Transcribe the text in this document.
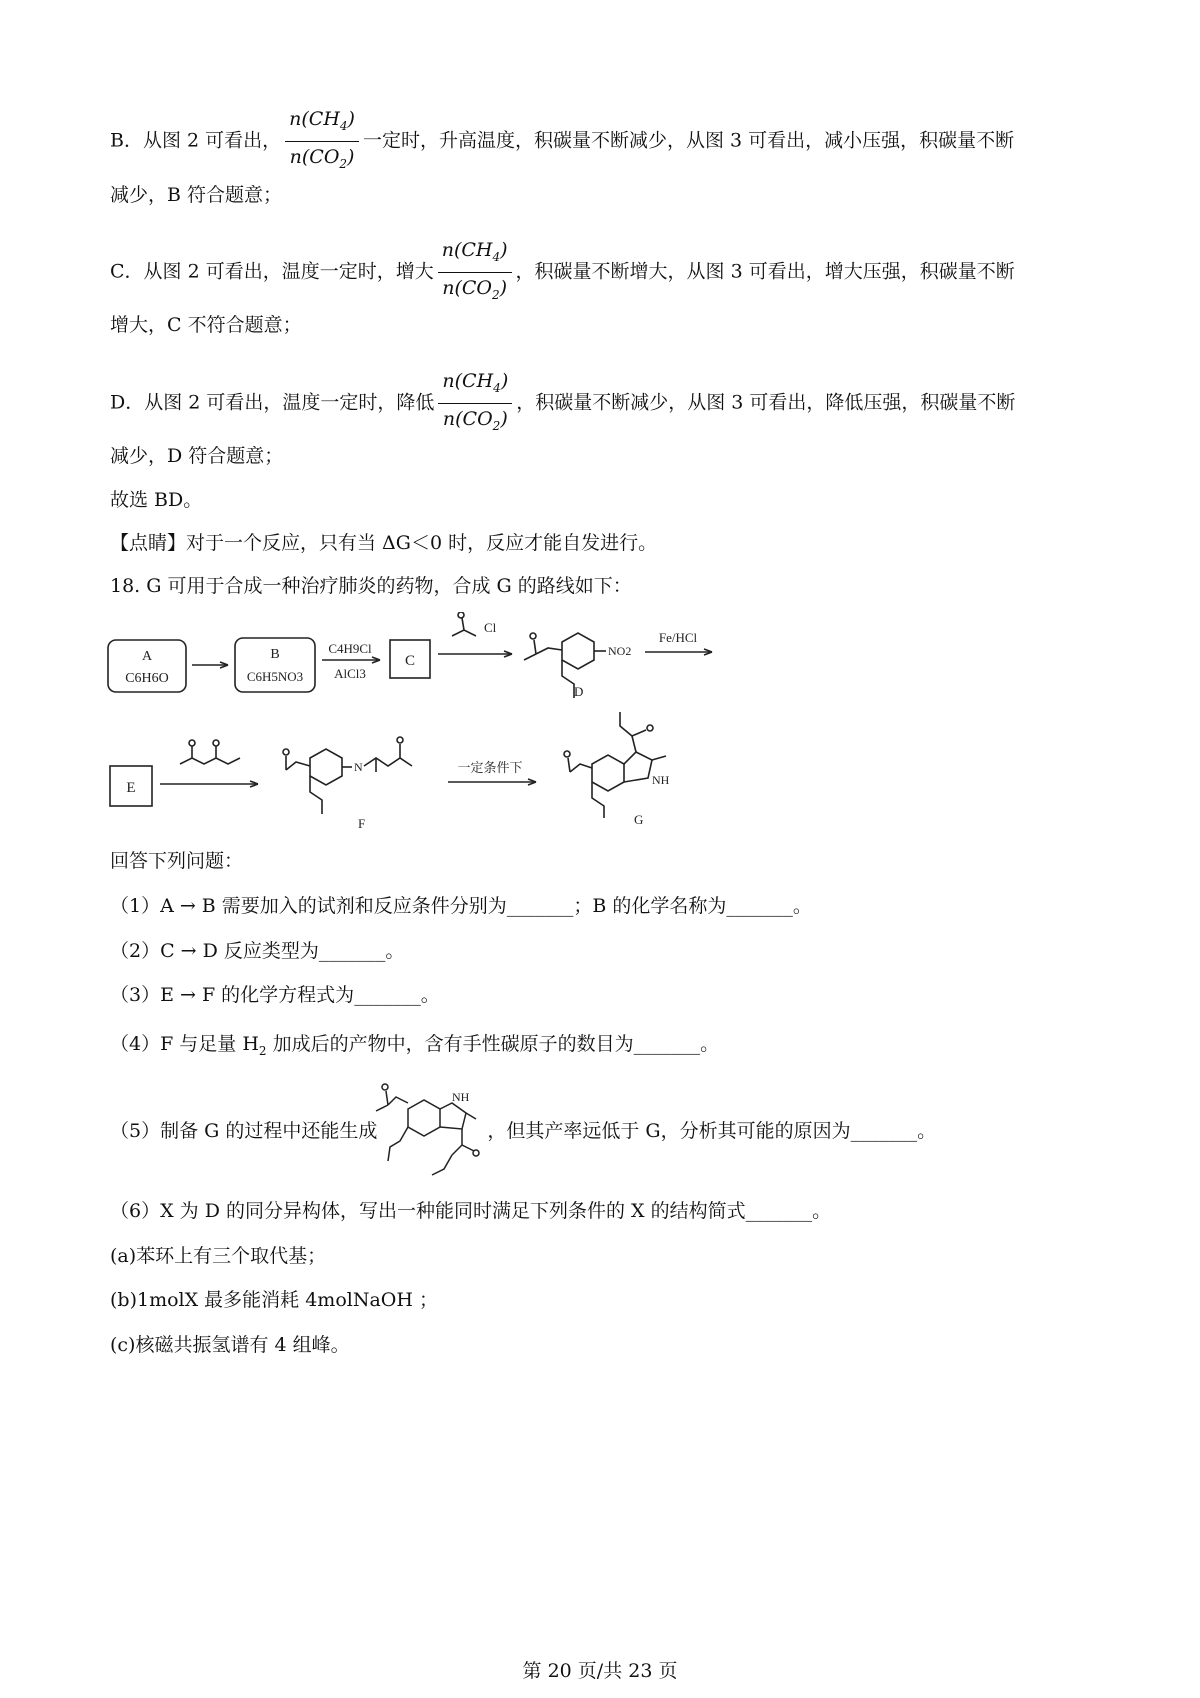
B．从图 2 可看出， $\frac{n(CH_4)}{n(CO_2)}$ 一定时，升高温度，积碳量不断减少，从图 3 可看出，减小压强，积碳量不断
减少，B 符合题意；
C．从图 2 可看出，温度一定时，增大 $\frac{n(CH_4)}{n(CO_2)}$ ，积碳量不断增大，从图 3 可看出，增大压强，积碳量不断
增大，C 不符合题意；
D．从图 2 可看出，温度一定时，降低 $\frac{n(CH_4)}{n(CO_2)}$ ，积碳量不断减少，从图 3 可看出，降低压强，积碳量不断
减少，D 符合题意；
故选 BD。
【点睛】对于一个反应，只有当 ΔG＜0 时，反应才能自发进行。
18. G 可用于合成一种治疗肺炎的药物，合成 G 的路线如下：
A
C6H6O
B
C6H5NO3
C4H9Cl
AlCl3
C
Cl
NO2
D
Fe/HCl
E
N
F
一定条件下
NH
G
回答下列问题：
（1）A → B 需要加入的试剂和反应条件分别为_______；B 的化学名称为_______。
（2）C → D 反应类型为_______。
（3）E → F 的化学方程式为_______。
（4）F 与足量 $H_2$ 加成后的产物中，含有手性碳原子的数目为_______。
（5）制备 G 的过程中还能生成	，但其产率远低于 G，分析其可能的原因为_______。
NH
（6）X 为 D 的同分异构体，写出一种能同时满足下列条件的 X 的结构简式_______。
(a)苯环上有三个取代基；
(b)1molX 最多能消耗 4molNaOH ；
(c)核磁共振氢谱有 4 组峰。
第 20 页/共 23 页
